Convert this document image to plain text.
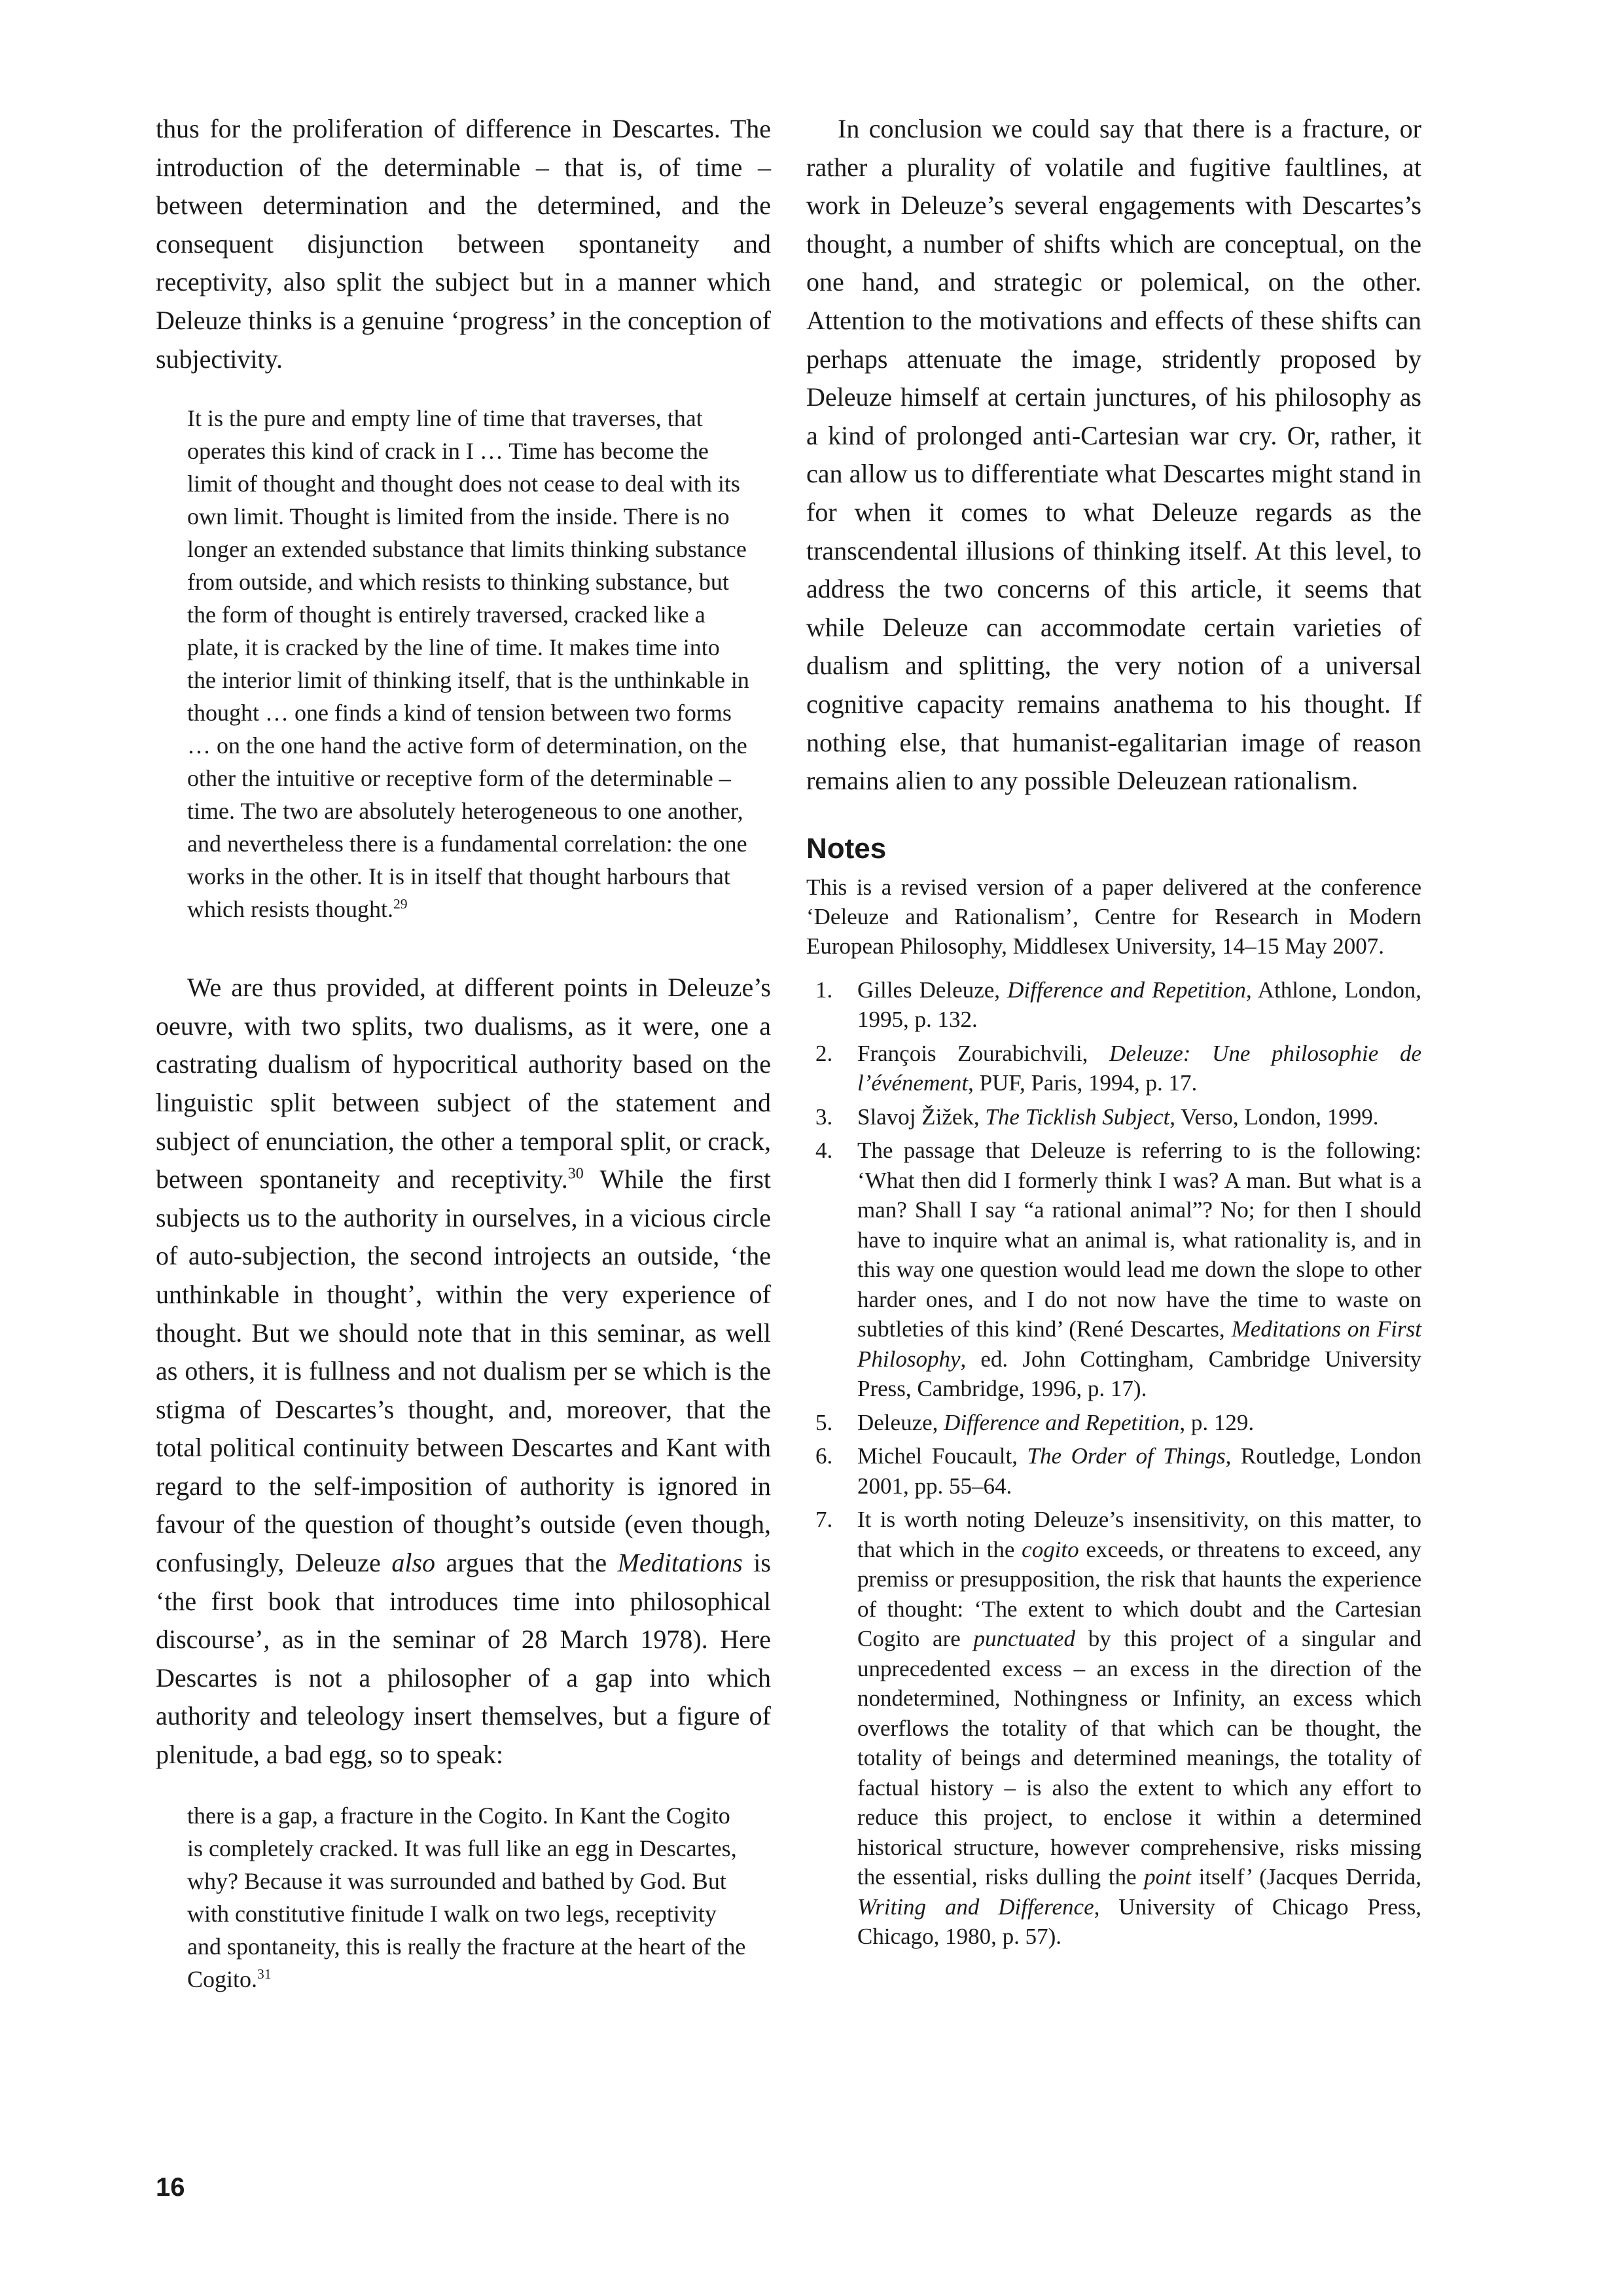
thus for the proliferation of difference in Descartes. The introduction of the determinable – that is, of time – between determination and the determined, and the consequent disjunction between spontaneity and receptivity, also split the subject but in a manner which Deleuze thinks is a genuine ‘progress’ in the conception of subjectivity.

It is the pure and empty line of time that traverses, that operates this kind of crack in I … Time has become the limit of thought and thought does not cease to deal with its own limit. Thought is limited from the inside. There is no longer an extended substance that limits thinking substance from outside, and which resists to thinking substance, but the form of thought is entirely traversed, cracked like a plate, it is cracked by the line of time. It makes time into the interior limit of thinking itself, that is the unthinkable in thought … one finds a kind of tension between two forms … on the one hand the active form of determination, on the other the intuitive or receptive form of the determinable – time. The two are absolutely heterogeneous to one another, and nevertheless there is a fundamental correlation: the one works in the other. It is in itself that thought harbours that which resists thought.$^{29}$

We are thus provided, at different points in Deleuze’s oeuvre, with two splits, two dualisms, as it were, one a castrating dualism of hypocritical authority based on the linguistic split between subject of the statement and subject of enunciation, the other a temporal split, or crack, between spontaneity and receptivity.$^{30}$ While the first subjects us to the authority in ourselves, in a vicious circle of auto-subjection, the second introjects an outside, ‘the unthinkable in thought’, within the very experience of thought. But we should note that in this seminar, as well as others, it is fullness and not dualism per se which is the stigma of Descartes’s thought, and, moreover, that the total political continuity between Descartes and Kant with regard to the self-imposition of authority is ignored in favour of the question of thought’s outside (even though, confusingly, Deleuze also argues that the Meditations is ‘the first book that introduces time into philosophical discourse’, as in the seminar of 28 March 1978). Here Descartes is not a philosopher of a gap into which authority and teleology insert themselves, but a figure of plenitude, a bad egg, so to speak:

there is a gap, a fracture in the Cogito. In Kant the Cogito is completely cracked. It was full like an egg in Descartes, why? Because it was surrounded and bathed by God. But with constitutive finitude I walk on two legs, receptivity and spontaneity, this is really the fracture at the heart of the Cogito.$^{31}$

In conclusion we could say that there is a fracture, or rather a plurality of volatile and fugitive faultlines, at work in Deleuze’s several engagements with Descartes’s thought, a number of shifts which are conceptual, on the one hand, and strategic or polemical, on the other. Attention to the motivations and effects of these shifts can perhaps attenuate the image, stridently proposed by Deleuze himself at certain junctures, of his philosophy as a kind of prolonged anti-Cartesian war cry. Or, rather, it can allow us to differentiate what Descartes might stand in for when it comes to what Deleuze regards as the transcendental illusions of thinking itself. At this level, to address the two concerns of this article, it seems that while Deleuze can accommodate certain varieties of dualism and splitting, the very notion of a universal cognitive capacity remains anathema to his thought. If nothing else, that humanist-egalitarian image of reason remains alien to any possible Deleuzean rationalism.

Notes

This is a revised version of a paper delivered at the conference ‘Deleuze and Rationalism’, Centre for Research in Modern European Philosophy, Middlesex University, 14–15 May 2007.

1. Gilles Deleuze, Difference and Repetition, Athlone, London, 1995, p. 132.
2. François Zourabichvili, Deleuze: Une philosophie de l’événement, PUF, Paris, 1994, p. 17.
3. Slavoj Žižek, The Ticklish Subject, Verso, London, 1999.
4. The passage that Deleuze is referring to is the following: ‘What then did I formerly think I was? A man. But what is a man? Shall I say “a rational animal”? No; for then I should have to inquire what an animal is, what rationality is, and in this way one question would lead me down the slope to other harder ones, and I do not now have the time to waste on subtleties of this kind’ (René Descartes, Meditations on First Philosophy, ed. John Cottingham, Cambridge University Press, Cambridge, 1996, p. 17).
5. Deleuze, Difference and Repetition, p. 129.
6. Michel Foucault, The Order of Things, Routledge, London 2001, pp. 55–64.
7. It is worth noting Deleuze’s insensitivity, on this matter, to that which in the cogito exceeds, or threatens to exceed, any premiss or presupposition, the risk that haunts the experience of thought: ‘The extent to which doubt and the Cartesian Cogito are punctuated by this project of a singular and unprecedented excess – an excess in the direction of the nondetermined, Nothingness or Infinity, an excess which overflows the totality of that which can be thought, the totality of beings and determined meanings, the totality of factual history – is also the extent to which any effort to reduce this project, to enclose it within a determined historical structure, however comprehensive, risks missing the essential, risks dulling the point itself’ (Jacques Derrida, Writing and Difference, University of Chicago Press, Chicago, 1980, p. 57).
16
